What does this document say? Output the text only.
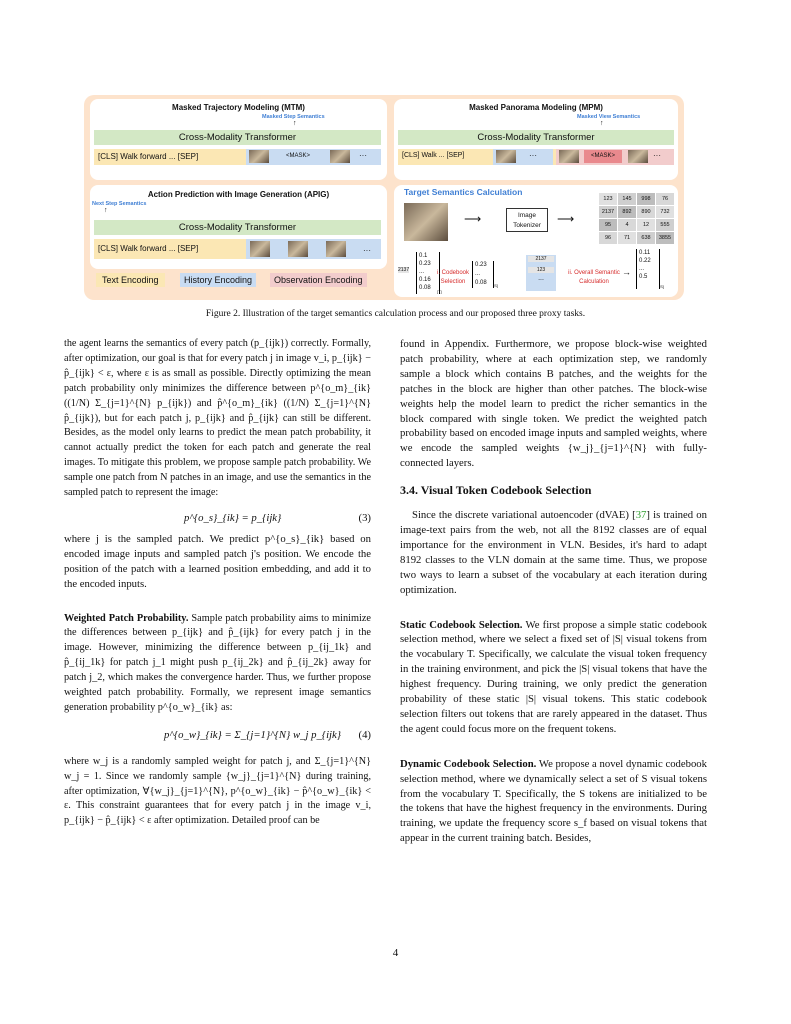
Masked Trajectory Modeling (MTM)
Masked Step Semantics
↑
Cross-Modality Transformer
[CLS] Walk forward ... [SEP]	<MASK>	···
Masked Panorama Modeling (MPM)
Masked View Semantics
↑
Cross-Modality Transformer
[CLS] Walk ... [SEP]	···	<MASK>	···
Action Prediction with Image Generation (APIG)
Next Step Semantics
↑
Cross-Modality Transformer
[CLS] Walk forward ... [SEP]	···
Text Encoding	History Encoding	Observation Encoding
Target Semantics Calculation
⟶	Image Tokenizer	⟶
123	145	998	76
2137	892	890	732
95	4	12	555
96	71	638	3855
2137
0.1
0.23
...
0.16
0.08
[T]
i. Codebook Selection
0.23
...
0.08	[S]
2137
123
...
ii. Overall Semantic Calculation
→
0.11
0.22
...
0.5
[S]
Figure 2. Illustration of the target semantics calculation process and our proposed three proxy tasks.

the agent learns the semantics of every patch (p_{ijk}) correctly. Formally, after optimization, our goal is that for every patch j in image v_i, p_{ijk} − p̂_{ijk} < ε, where ε is as small as possible. Directly optimizing the mean patch probability only minimizes the difference between p^{o_m}_{ik} ((1/N) Σ_{j=1}^{N} p_{ijk}) and p̂^{o_m}_{ik} ((1/N) Σ_{j=1}^{N} p̂_{ijk}), but for each patch j, p_{ijk} and p̂_{ijk} can still be different. Besides, as the model only learns to predict the mean patch probability, it cannot actually predict the token for each patch and generate the real images. To mitigate this problem, we propose sample patch probability. We sample one patch from N patches in an image, and use the semantics in the sampled patch to represent the image:

p^{o_s}_{ik} = p_{ijk}	(3)

where j is the sampled patch. We predict p^{o_s}_{ik} based on encoded image inputs and sampled patch j's position. We encode the position of the patch with a learned position embedding, and add it to the encoded inputs.

Weighted Patch Probability. Sample patch probability aims to minimize the differences between p_{ijk} and p̂_{ijk} for every patch j in the image. However, minimizing the difference between p_{ij_1k} and p̂_{ij_1k} for patch j_1 might push p_{ij_2k} and p̂_{ij_2k} away for patch j_2, which makes the convergence harder. Thus, we further propose weighted patch probability. Formally, we represent image semantics generation probability p^{o_w}_{ik} as:

p^{o_w}_{ik} = Σ_{j=1}^{N} w_j p_{ijk} (4)

where w_j is a randomly sampled weight for patch j, and Σ_{j=1}^{N} w_j = 1. Since we randomly sample {w_j}_{j=1}^{N} during training, after optimization, ∀{w_j}_{j=1}^{N}, p^{o_w}_{ik} − p̂^{o_w}_{ik} < ε. This constraint guarantees that for every patch j in the image v_i, p_{ijk} − p̂_{ijk} < ε after optimization. Detailed proof can be

found in Appendix. Furthermore, we propose block-wise weighted patch probability, where at each optimization step, we randomly sample a block which contains B patches, and the weights for the patches in the block are higher than other patches. The block-wise weights help the model learn to predict the richer semantics in the block compared with single token. We predict the weighted patch probability based on encoded image inputs and sampled weights, where we encode the sampled weights {w_j}_{j=1}^{N} with fully-connected layers.

3.4. Visual Token Codebook Selection

Since the discrete variational autoencoder (dVAE) [37] is trained on image-text pairs from the web, not all the 8192 classes are of equal importance for the environment in VLN. Besides, it's hard to adapt 8192 classes to the VLN domain at the same time. Thus, we propose two ways to learn a subset of the vocabulary at each iteration during optimization.

Static Codebook Selection. We first propose a simple static codebook selection method, where we select a fixed set of |S| visual tokens from the vocabulary T. Specifically, we calculate the visual token frequency in the training environment, and pick the |S| visual tokens that have the highest frequency. During training, we only predict the generation probability of these static |S| visual tokens. This static codebook selection filters out tokens that are rarely appeared in the dataset. Thus the agent could focus more on the frequent tokens.

Dynamic Codebook Selection. We propose a novel dynamic codebook selection method, where we dynamically select a set of S visual tokens from the vocabulary T. Specifically, the S tokens are initialized to be the tokens that have the highest frequency in the environments. During training, we update the frequency score s_f based on visual tokens that appear in the current training batch. Besides,

4
